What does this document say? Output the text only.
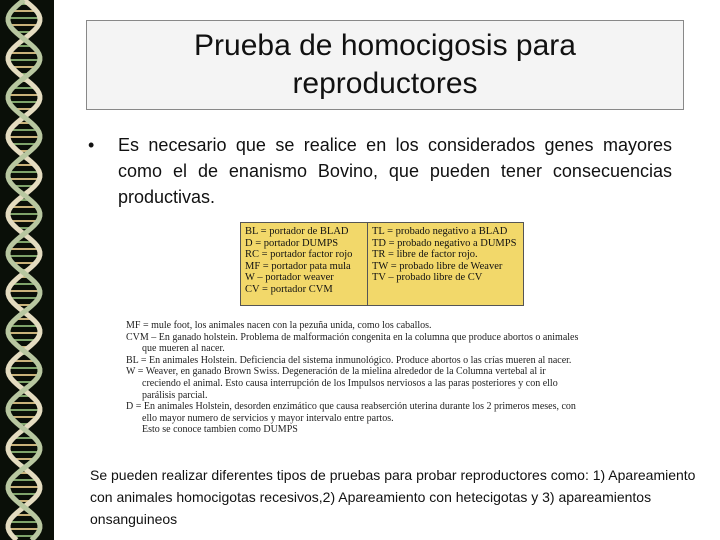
Prueba de homocigosis para
reproductores
• Es necesario que se realice en los considerados genes mayores como el de enanismo Bovino, que pueden tener consecuencias productivas.
BL = portador de BLAD
D = portador DUMPS
RC = portador factor rojo
MF = portador pata mula
W – portador weaver
CV = portador CVM
TL = probado negativo a BLAD
TD = probado negativo a DUMPS
TR = libre de factor rojo.
TW = probado libre de Weaver
TV – probado libre de CV

MF = mule foot, los animales nacen con la pezuña unida, como los caballos.

CVM – En ganado holstein. Problema de malformación congenita en la columna que produce abortos o animales

que mueren al nacer.

BL = En animales Holstein. Deficiencia del sistema inmunológico. Produce abortos o las crías mueren al nacer.

W = Weaver, en ganado Brown Swiss. Degeneración de la mielina alrededor de la Columna vertebal al ir

creciendo el animal. Esto causa interrupción de los Impulsos nerviosos a las paras posteriores y con ello

parálisis parcial.

D = En animales Holstein, desorden enzimático que causa reabserción uterina durante los 2 primeros meses, con

ello mayor numero de servicios y mayor intervalo entre partos.

Esto se conoce tambien como DUMPS

Se pueden realizar diferentes tipos de pruebas para probar reproductores como: 1) Apareamiento con animales homocigotas recesivos,2) Apareamiento con hetecigotas y 3) apareamientos onsanguineos
